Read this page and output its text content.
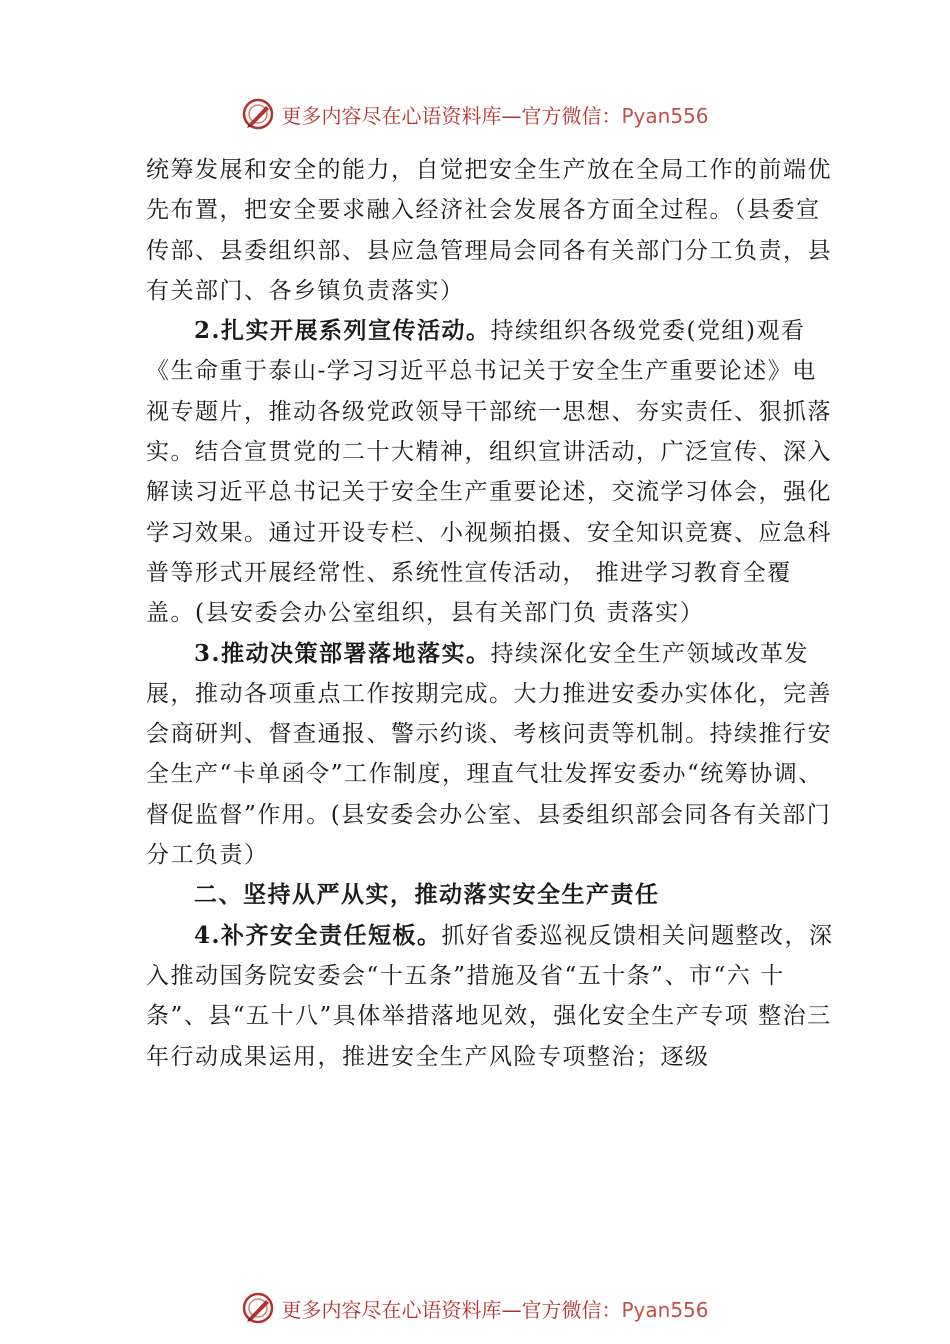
更多内容尽在心语资料库—官方微信：Pyan556

统筹发展和安全的能力，自觉把安全生产放在全局工作的前端优先布置，把安全要求融入经济社会发展各方面全过程。（县委宣传部、县委组织部、县应急管理局会同各有关部门分工负责，县有关部门、各乡镇负责落实）

2.扎实开展系列宣传活动。持续组织各级党委(党组)观看《生命重于泰山-学习习近平总书记关于安全生产重要论述》电视专题片，推动各级党政领导干部统一思想、夯实责任、狠抓落实。结合宣贯党的二十大精神，组织宣讲活动，广泛宣传、深入解读习近平总书记关于安全生产重要论述，交流学习体会，强化学习效果。通过开设专栏、小视频拍摄、安全知识竞赛、应急科普等形式开展经常性、系统性宣传活动， 推进学习教育全覆盖。(县安委会办公室组织，县有关部门负 责落实）

3.推动决策部署落地落实。持续深化安全生产领域改革发展，推动各项重点工作按期完成。大力推进安委办实体化，完善会商研判、督查通报、警示约谈、考核问责等机制。持续推行安全生产“卡单函令”工作制度，理直气壮发挥安委办“统筹协调、督促监督”作用。(县安委会办公室、县委组织部会同各有关部门分工负责）

二、坚持从严从实，推动落实安全生产责任

4.补齐安全责任短板。抓好省委巡视反馈相关问题整改，深入推动国务院安委会“十五条”措施及省“五十条”、市“六 十条”、县“五十八”具体举措落地见效，强化安全生产专项 整治三年行动成果运用，推进安全生产风险专项整治；逐级

更多内容尽在心语资料库—官方微信：Pyan556
